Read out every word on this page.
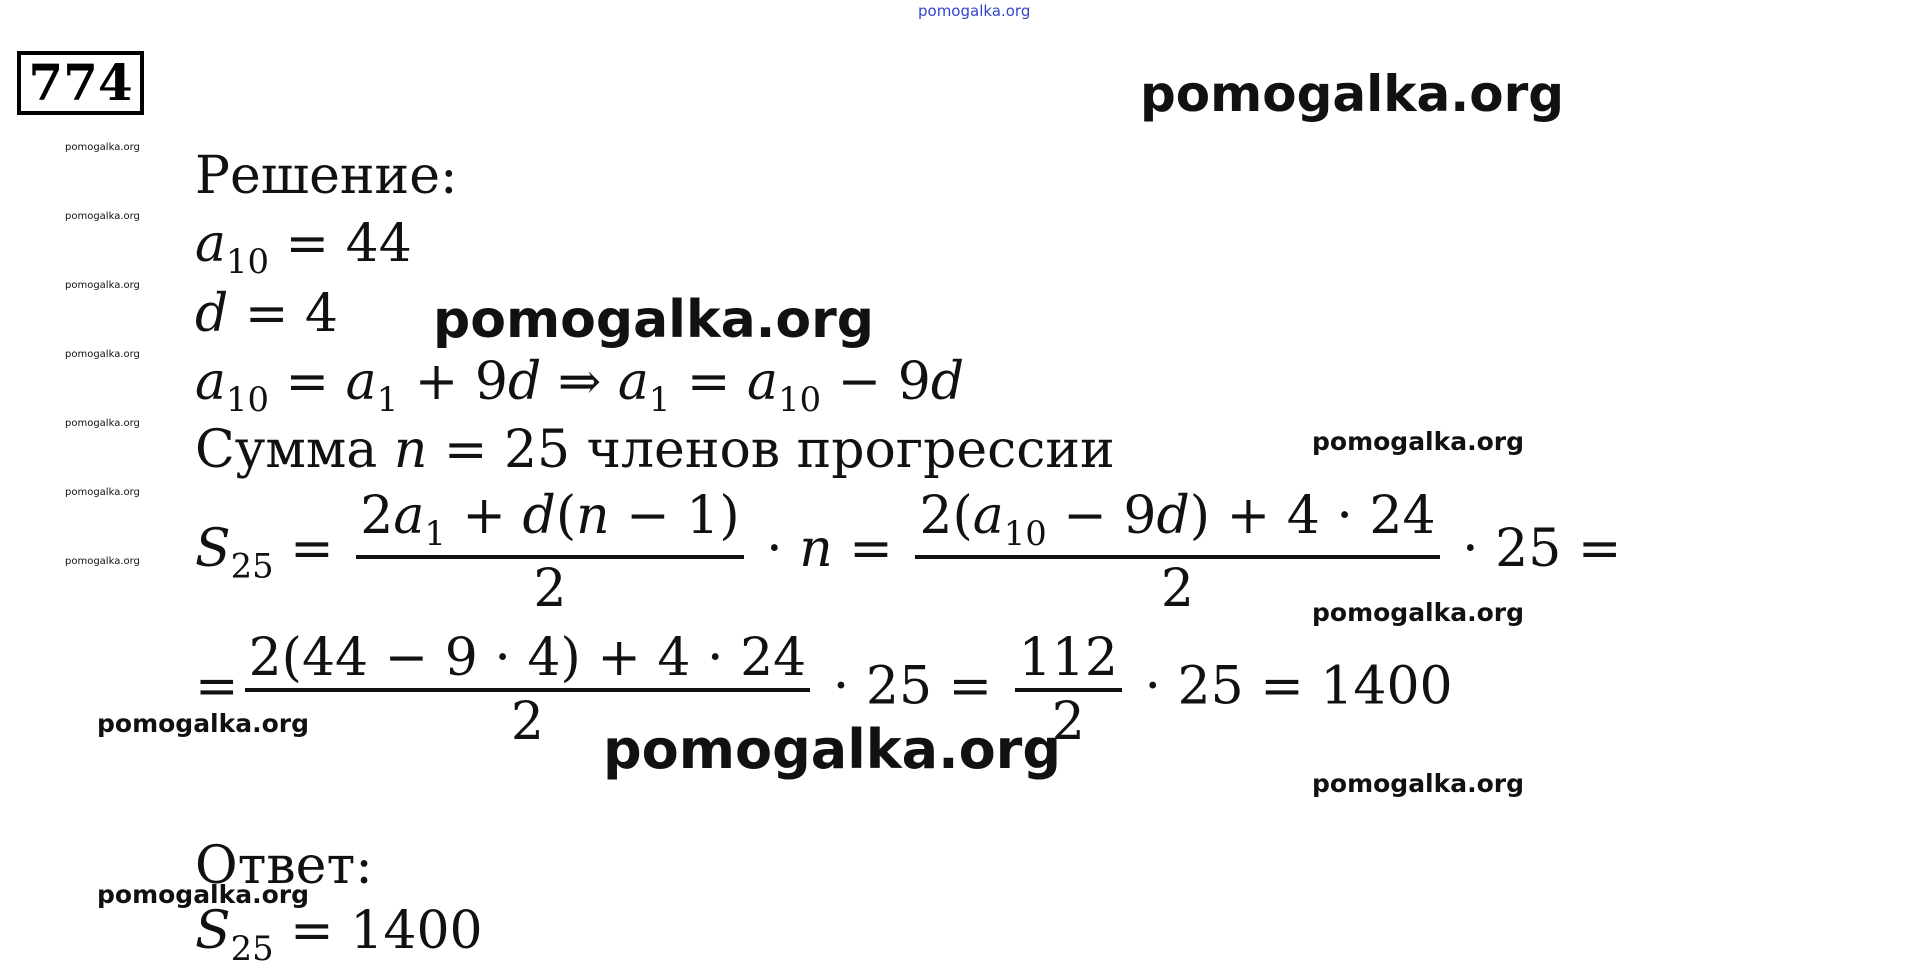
pomogalka.org
pomogalka.org
pomogalka.org
pomogalka.org
pomogalka.org
pomogalka.org
pomogalka.org
pomogalka.org
pomogalka.org
pomogalka.org
pomogalka.org
pomogalka.org
pomogalka.org
pomogalka.org
pomogalka.org
pomogalka.org
774
Решение:
$a_{10} = 44$
d = 4
$a_{10} = a_1 + 9d$ ⇒ $a_1 = a_{10} - 9d$
Сумма n = 25 членов прогрессии
$S_{25} = \frac{2a_1 + d(n - 1)}{2} \cdot n = \frac{2(a_{10} - 9d) + 4 \cdot 24}{2} \cdot 25$ =
= $\frac{2(44 - 9 \cdot 4) + 4 \cdot 24}{2} \cdot 25 = \frac{112}{2} \cdot 25 = 1400$
Ответ:
$S_{25} = 1400$
